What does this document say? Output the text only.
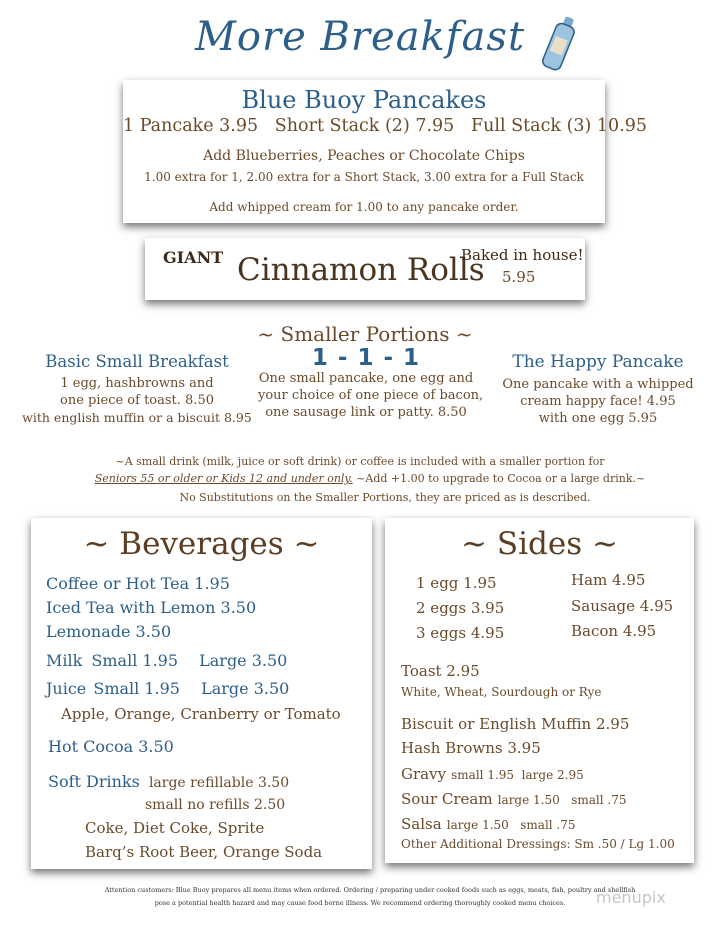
More Breakfast
Blue Buoy Pancakes
1 Pancake 3.95   Short Stack (2) 7.95   Full Stack (3) 10.95
Add Blueberries, Peaches or Chocolate Chips
1.00 extra for 1, 2.00 extra for a Short Stack, 3.00 extra for a Full Stack
Add whipped cream for 1.00 to any pancake order.
GIANT Cinnamon Rolls
Baked in house!
5.95
~ Smaller Portions ~
Basic Small Breakfast
1 egg, hashbrowns and
one piece of toast. 8.50
with english muffin or a biscuit 8.95
1 - 1 - 1
One small pancake, one egg and
your choice of one piece of bacon,
one sausage link or patty. 8.50
The Happy Pancake
One pancake with a whipped
cream happy face! 4.95
with one egg 5.95
~A small drink (milk, juice or soft drink) or coffee is included with a smaller portion for
Seniors 55 or older or Kids 12 and under only. ~Add +1.00 to upgrade to Cocoa or a large drink.~
No Substitutions on the Smaller Portions, they are priced as is described.
~ Beverages ~
Coffee or Hot Tea 1.95
Iced Tea with Lemon 3.50
Lemonade 3.50
Milk Small 1.95 Large 3.50
Juice Small 1.95 Large 3.50
Apple, Orange, Cranberry or Tomato
Hot Cocoa 3.50
Soft Drinks large refillable 3.50
small no refills 2.50
Coke, Diet Coke, Sprite
Barq’s Root Beer, Orange Soda
~ Sides ~
1 egg 1.95
2 eggs 3.95
3 eggs 4.95
Ham 4.95
Sausage 4.95
Bacon 4.95
Toast 2.95
White, Wheat, Sourdough or Rye
Biscuit or English Muffin 2.95
Hash Browns 3.95
Gravy small 1.95  large 2.95
Sour Cream large 1.50   small .75
Salsa large 1.50   small .75
Other Additional Dressings: Sm .50 / Lg 1.00
Attention customers: Blue Buoy prepares all menu items when ordered. Ordering / preparing under cooked foods such as eggs, meats, fish, poultry and shellfish
pose a potential health hazard and may cause food borne illness. We recommend ordering thoroughly cooked menu choices.	menupix
